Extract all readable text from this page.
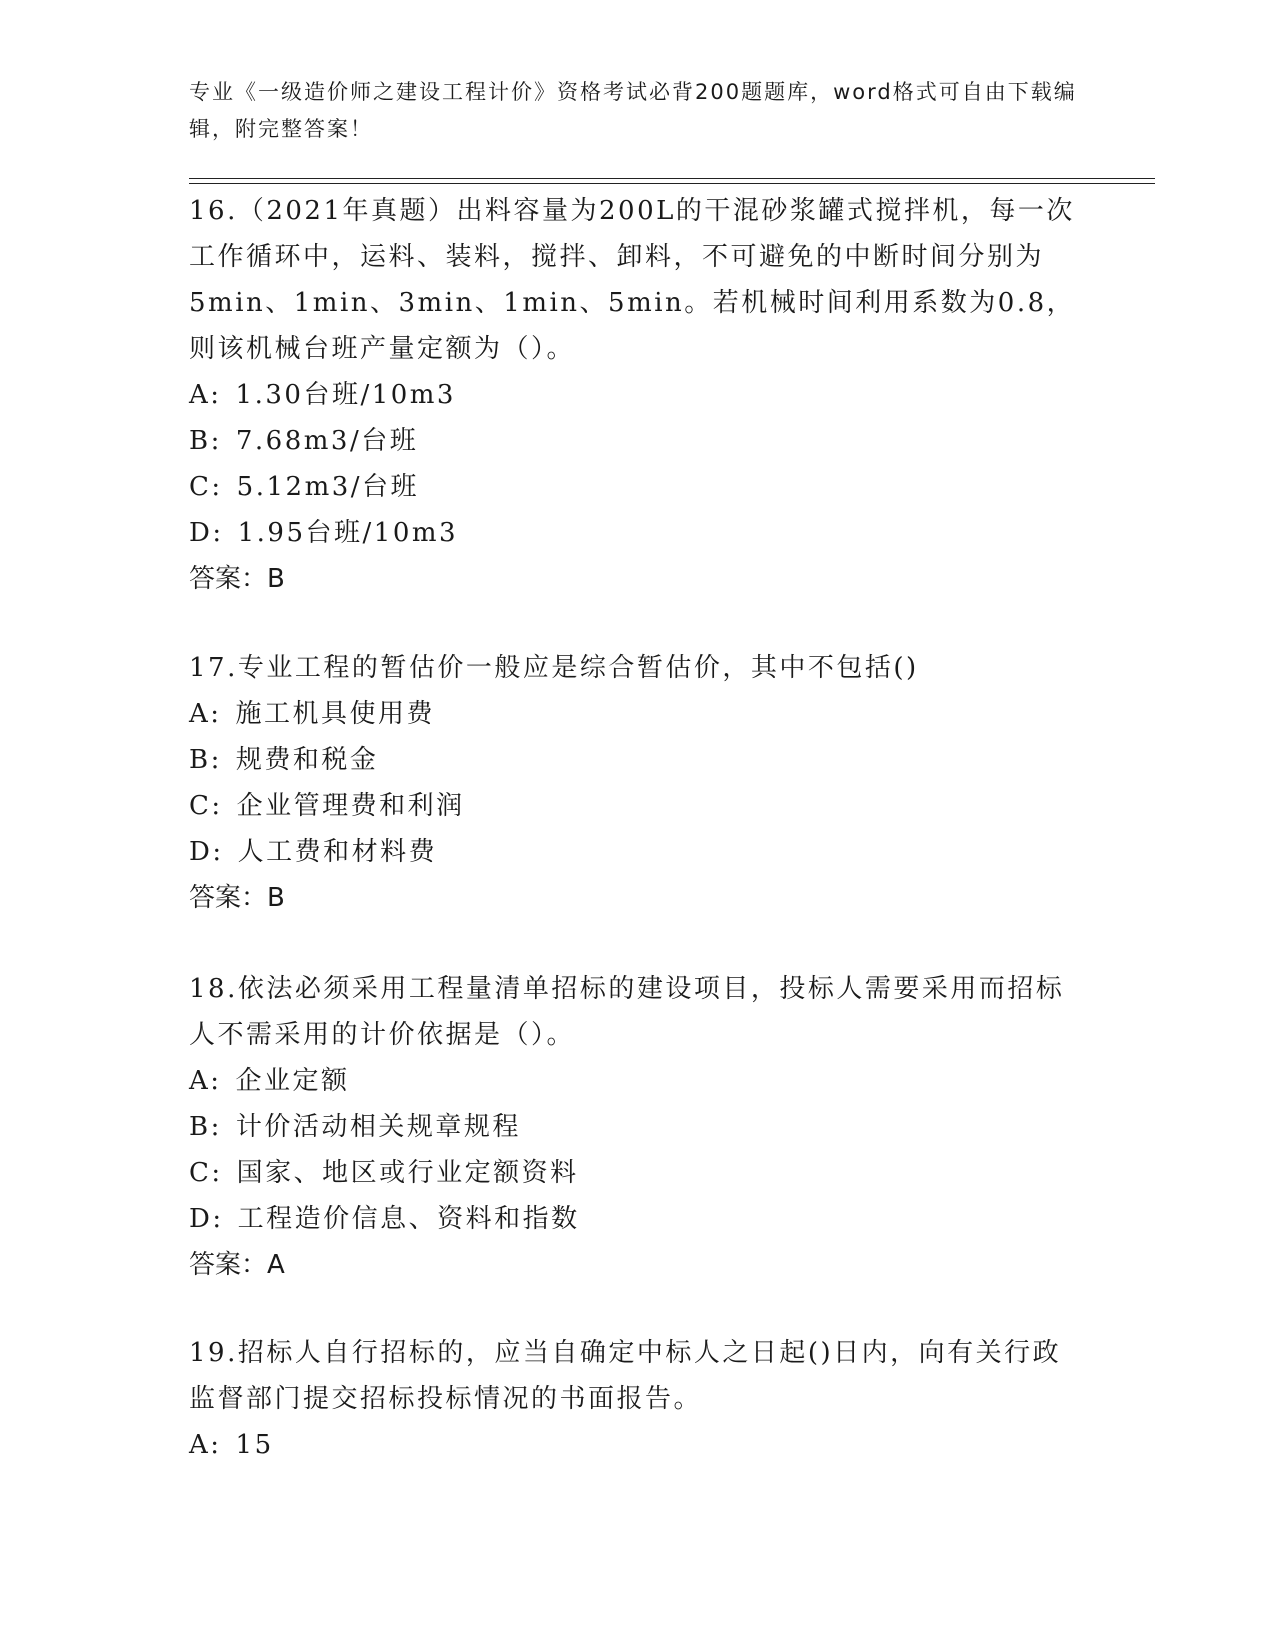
专业《一级造价师之建设工程计价》资格考试必背200题题库，word格式可自由下载编辑，附完整答案！

16.（2021年真题）出料容量为200L的干混砂浆罐式搅拌机，每一次工作循环中，运料、装料，搅拌、卸料，不可避免的中断时间分别为5min、1min、3min、1min、5min。若机械时间利用系数为0.8，则该机械台班产量定额为（）。

A: 1.30台班/10m3

B: 7.68m3/台班

C: 5.12m3/台班

D: 1.95台班/10m3

答案：B

17.专业工程的暂估价一般应是综合暂估价，其中不包括()

A: 施工机具使用费

B: 规费和税金

C: 企业管理费和利润

D: 人工费和材料费

答案：B

18.依法必须采用工程量清单招标的建设项目，投标人需要采用而招标人不需采用的计价依据是（）。

A: 企业定额

B: 计价活动相关规章规程

C: 国家、地区或行业定额资料

D: 工程造价信息、资料和指数

答案：A

19.招标人自行招标的，应当自确定中标人之日起()日内，向有关行政监督部门提交招标投标情况的书面报告。

A: 15
